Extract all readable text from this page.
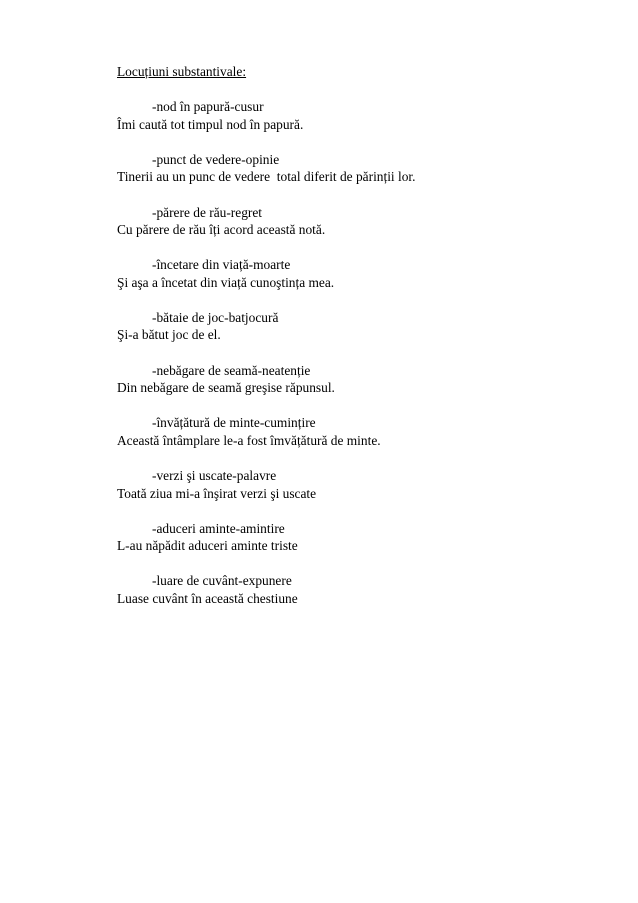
Locuțiuni substantivale:
-nod în papură-cusur
Îmi caută tot timpul nod în papură.
-punct de vedere-opinie
Tinerii au un punc de vedere  total diferit de părinții lor.
-părere de rău-regret
Cu părere de rău îți acord această notă.
-încetare din viață-moarte
Şi aşa a încetat din viață cunoştința mea.
-bătaie de joc-batjocură
Şi-a bătut joc de el.
-nebăgare de seamă-neatenție
Din nebăgare de seamă greşise răpunsul.
-învățătură de minte-cuminți​re
Această întâmplare le-a fost îmvățătură de minte.
-verzi şi uscate-palavre
Toată ziua mi-a înşirat verzi şi uscate
-aduceri aminte-amintire
L-au năpădit aduceri aminte triste
-luare de cuvânt-expunere
Luase cuvânt în această chestiune
